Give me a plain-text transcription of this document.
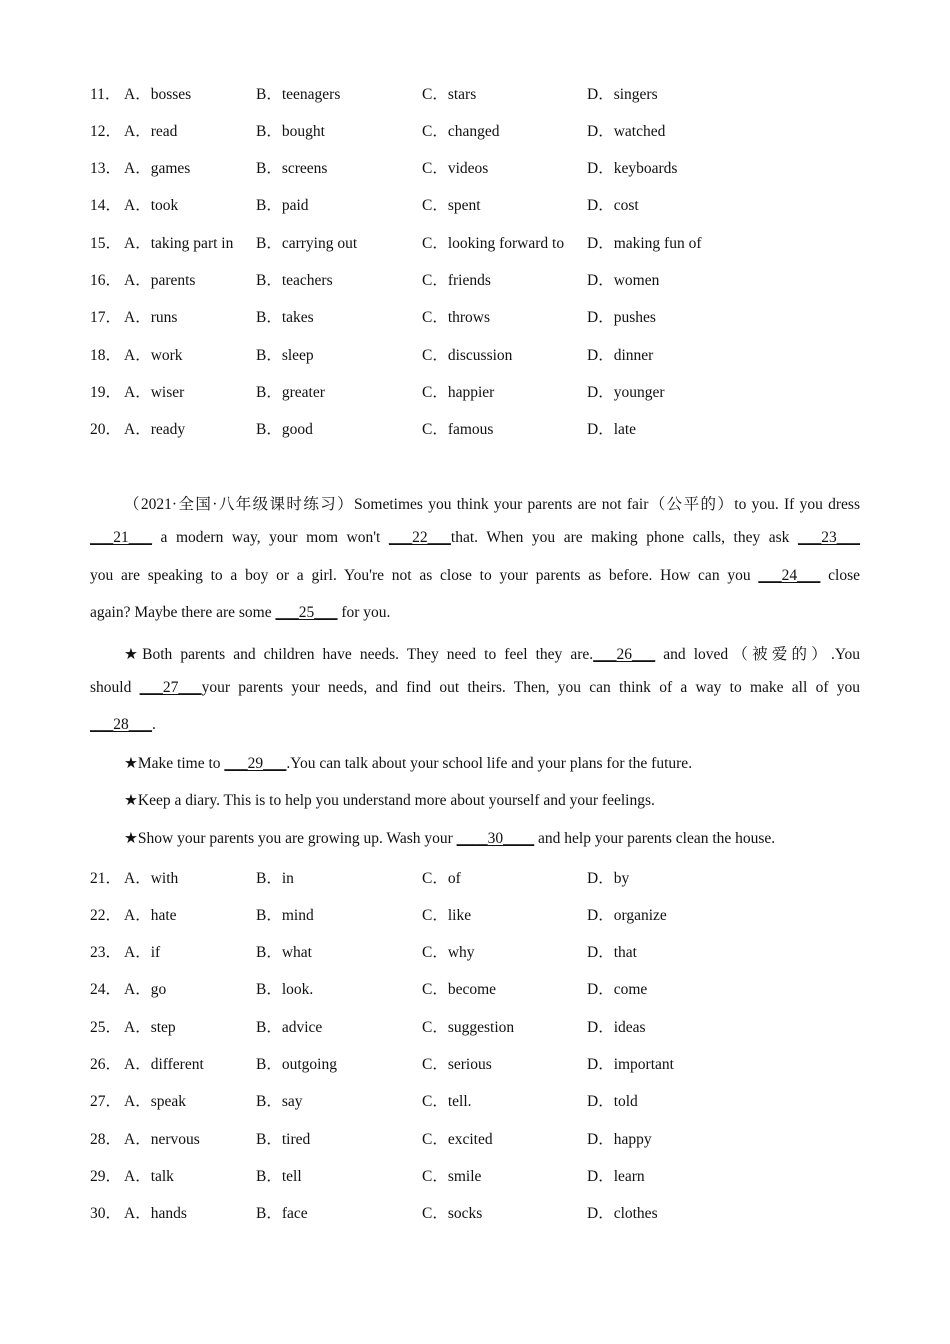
11． A．bosses	B．teenagers	C．stars	D．singers
12． A．read	B．bought	C．changed	D．watched
13． A．games	B．screens	C．videos	D．keyboards
14． A．took	B．paid	C．spent	D．cost
15． A．taking part in B．carrying out	C．looking forward to D．making fun of
16． A．parents	B．teachers	C．friends	D．women
17． A．runs	B．takes	C．throws	D．pushes
18． A．work	B．sleep	C．discussion	D．dinner
19． A．wiser	B．greater	C．happier	D．younger
20． A．ready	B．good	C．famous	D．late
（2021·全国·八年级课时练习）Sometimes you think your parents are not fair（公平的）to you. If you dress
___21___ a modern way, your mom won't ___22___that. When you are making phone calls, they ask ___23___
you are speaking to a boy or a girl. You're not as close to your parents as before. How can you ___24___ close
again? Maybe there are some ___25___ for you.
★Both parents and children have needs. They need to feel they are.___26___ and loved（被爱的）.You
should ___27___your parents your needs, and find out theirs. Then, you can think of a way to make all of you
___28___.
★Make time to ___29___.You can talk about your school life and your plans for the future.
★Keep a diary. This is to help you understand more about yourself and your feelings.
★Show your parents you are growing up. Wash your ____30____ and help your parents clean the house.
21． A．with	B．in	C．of	D．by
22． A．hate	B．mind	C．like	D．organize
23． A．if	B．what	C．why	D．that
24． A．go	B．look.	C．become	D．come
25． A．step	B．advice	C．suggestion	D．ideas
26． A．different	B．outgoing	C．serious	D．important
27． A．speak	B．say	C．tell.	D．told
28． A．nervous	B．tired	C．excited	D．happy
29． A．talk	B．tell	C．smile	D．learn
30． A．hands	B．face	C．socks	D．clothes
